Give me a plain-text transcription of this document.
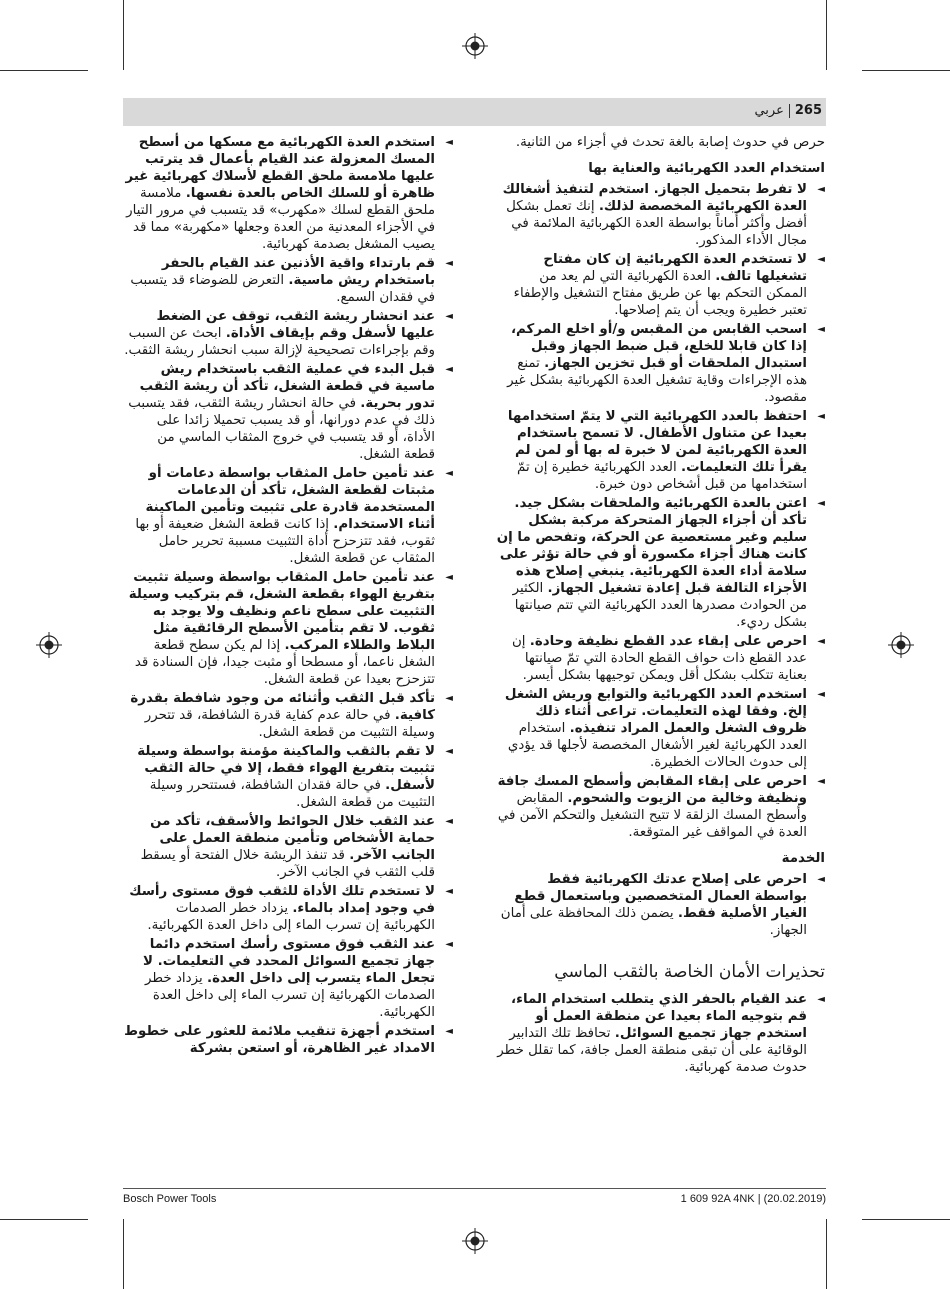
265عربي
حرص في حدوث إصابة بالغة تحدث في أجزاء من الثانية.
استخدام العدد الكهربائية والعناية بها
◄ لا تفرط بتحميل الجهاز. استخدم لتنفيذ أشغالك العدة الكهربائية المخصصة لذلك. إنك تعمل بشكل أفضل وأكثر أماناً بواسطة العدة الكهربائية الملائمة في مجال الأداء المذكور.
◄ لا تستخدم العدة الكهربائية إن كان مفتاح تشغيلها تالف. العدة الكهربائية التي لم يعد من الممكن التحكم بها عن طريق مفتاح التشغيل والإطفاء تعتبر خطيرة ويجب أن يتم إصلاحها.
◄ اسحب القابس من المقبس و/أو اخلع المركم، إذا كان قابلا للخلع، قبل ضبط الجهاز وقبل استبدال الملحقات أو قبل تخزين الجهاز. تمنع هذه الإجراءات وقاية تشغيل العدة الكهربائية بشكل غير مقصود.
◄ احتفظ بالعدد الكهربائية التي لا يتمّ استخدامها بعيدا عن متناول الأطفال. لا تسمح باستخدام العدة الكهربائية لمن لا خبرة له بها أو لمن لم يقرأ تلك التعليمات. العدد الكهربائية خطيرة إن تمّ استخدامها من قبل أشخاص دون خبرة.
◄ اعتن بالعدة الكهربائية والملحقات بشكل جيد. تأكد أن أجزاء الجهاز المتحركة مركبة بشكل سليم وغير مستعصية عن الحركة، وتفحص ما إن كانت هناك أجزاء مكسورة أو في حالة تؤثر على سلامة أداء العدة الكهربائية. ينبغي إصلاح هذه الأجزاء التالفة قبل إعادة تشغيل الجهاز. الكثير من الحوادث مصدرها العدد الكهربائية التي تتم صيانتها بشكل رديء.
◄ احرص على إبقاء عدد القطع نظيفة وحادة. إن عدد القطع ذات حواف القطع الحادة التي تمّ صيانتها بعناية تتكلب بشكل أقل ويمكن توجيهها بشكل أيسر.
◄ استخدم العدد الكهربائية والتوابع وريش الشغل إلخ. وفقا لهذه التعليمات. تراعى أثناء ذلك ظروف الشغل والعمل المراد تنفيذه. استخدام العدد الكهربائية لغير الأشغال المخصصة لأجلها قد يؤدي إلى حدوث الحالات الخطيرة.
◄ احرص على إبقاء المقابض وأسطح المسك جافة ونظيفة وخالية من الزيوت والشحوم. المقابض وأسطح المسك الزلقة لا تتيح التشغيل والتحكم الآمن في العدة في المواقف غير المتوقعة.
الخدمة
◄ احرص على إصلاح عدتك الكهربائية فقط بواسطة العمال المتخصصين وباستعمال قطع الغيار الأصلية فقط. يضمن ذلك المحافظة على أمان الجهاز.
تحذيرات الأمان الخاصة بالثقب الماسي
◄ عند القيام بالحفر الذي يتطلب استخدام الماء، قم بتوجيه الماء بعيدا عن منطقة العمل أو استخدم جهاز تجميع السوائل. تحافظ تلك التدابير الوقائية على أن تبقى منطقة العمل جافة، كما تقلل خطر حدوث صدمة كهربائية.
◄ استخدم العدة الكهربائية مع مسكها من أسطح المسك المعزولة عند القيام بأعمال قد يترتب عليها ملامسة ملحق القطع لأسلاك كهربائية غير ظاهرة أو للسلك الخاص بالعدة نفسها. ملامسة ملحق القطع لسلك «مكهرب» قد يتسبب في مرور التيار في الأجزاء المعدنية من العدة وجعلها «مكهربة» مما قد يصيب المشغل بصدمة كهربائية.
◄ قم بارتداء واقية الأذنين عند القيام بالحفر باستخدام ريش ماسية. التعرض للضوضاء قد يتسبب في فقدان السمع.
◄ عند انحشار ريشة الثقب، توقف عن الضغط عليها لأسفل وقم بإيقاف الأداة. ابحث عن السبب وقم بإجراءات تصحيحية لإزالة سبب انحشار ريشة الثقب.
◄ قبل البدء في عملية الثقب باستخدام ريش ماسية في قطعة الشغل، تأكد أن ريشة الثقب تدور بحرية. في حالة انحشار ريشة الثقب، فقد يتسبب ذلك في عدم دورانها، أو قد يسبب تحميلا زائدا على الأداة، أو قد يتسبب في خروج المثقاب الماسي من قطعة الشغل.
◄ عند تأمين حامل المثقاب بواسطة دعامات أو مثبتات لقطعة الشغل، تأكد أن الدعامات المستخدمة قادرة على تثبيت وتأمين الماكينة أثناء الاستخدام. إذا كانت قطعة الشغل ضعيفة أو بها ثقوب، فقد تتزحزح أداة التثبيت مسببة تحرير حامل المثقاب عن قطعة الشغل.
◄ عند تأمين حامل المثقاب بواسطة وسيلة تثبيت بتفريغ الهواء بقطعة الشغل، قم بتركيب وسيلة التثبيت على سطح ناعم ونظيف ولا يوجد به ثقوب. لا تقم بتأمين الأسطح الرقائقية مثل البلاط والطلاء المركب. إذا لم يكن سطح قطعة الشغل ناعما، أو مسطحا أو مثبت جيدا، فإن السنادة قد تتزحزح بعيدا عن قطعة الشغل.
◄ تأكد قبل الثقب وأثنائه من وجود شافطة بقدرة كافية. في حالة عدم كفاية قدرة الشافطة، قد تتحرر وسيلة التثبيت من قطعة الشغل.
◄ لا تقم بالثقب والماكينة مؤمنة بواسطة وسيلة تثبيت بتفريغ الهواء فقط، إلا في حالة الثقب لأسفل. في حالة فقدان الشافطة، فستتحرر وسيلة التثبيت من قطعة الشغل.
◄ عند الثقب خلال الحوائط والأسقف، تأكد من حماية الأشخاص وتأمين منطقة العمل على الجانب الآخر. قد تنفذ الريشة خلال الفتحة أو يسقط قلب الثقب في الجانب الآخر.
◄ لا تستخدم تلك الأداة للثقب فوق مستوى رأسك في وجود إمداد بالماء. يزداد خطر الصدمات الكهربائية إن تسرب الماء إلى داخل العدة الكهربائية.
◄ عند الثقب فوق مستوى رأسك استخدم دائما جهاز تجميع السوائل المحدد في التعليمات. لا تجعل الماء يتسرب إلى داخل العدة. يزداد خطر الصدمات الكهربائية إن تسرب الماء إلى داخل العدة الكهربائية.
◄ استخدم أجهزة تنقيب ملائمة للعثور على خطوط الامداد غير الظاهرة، أو استعن بشركة
Bosch Power Tools	1 609 92A 4NK | (20.02.2019)
